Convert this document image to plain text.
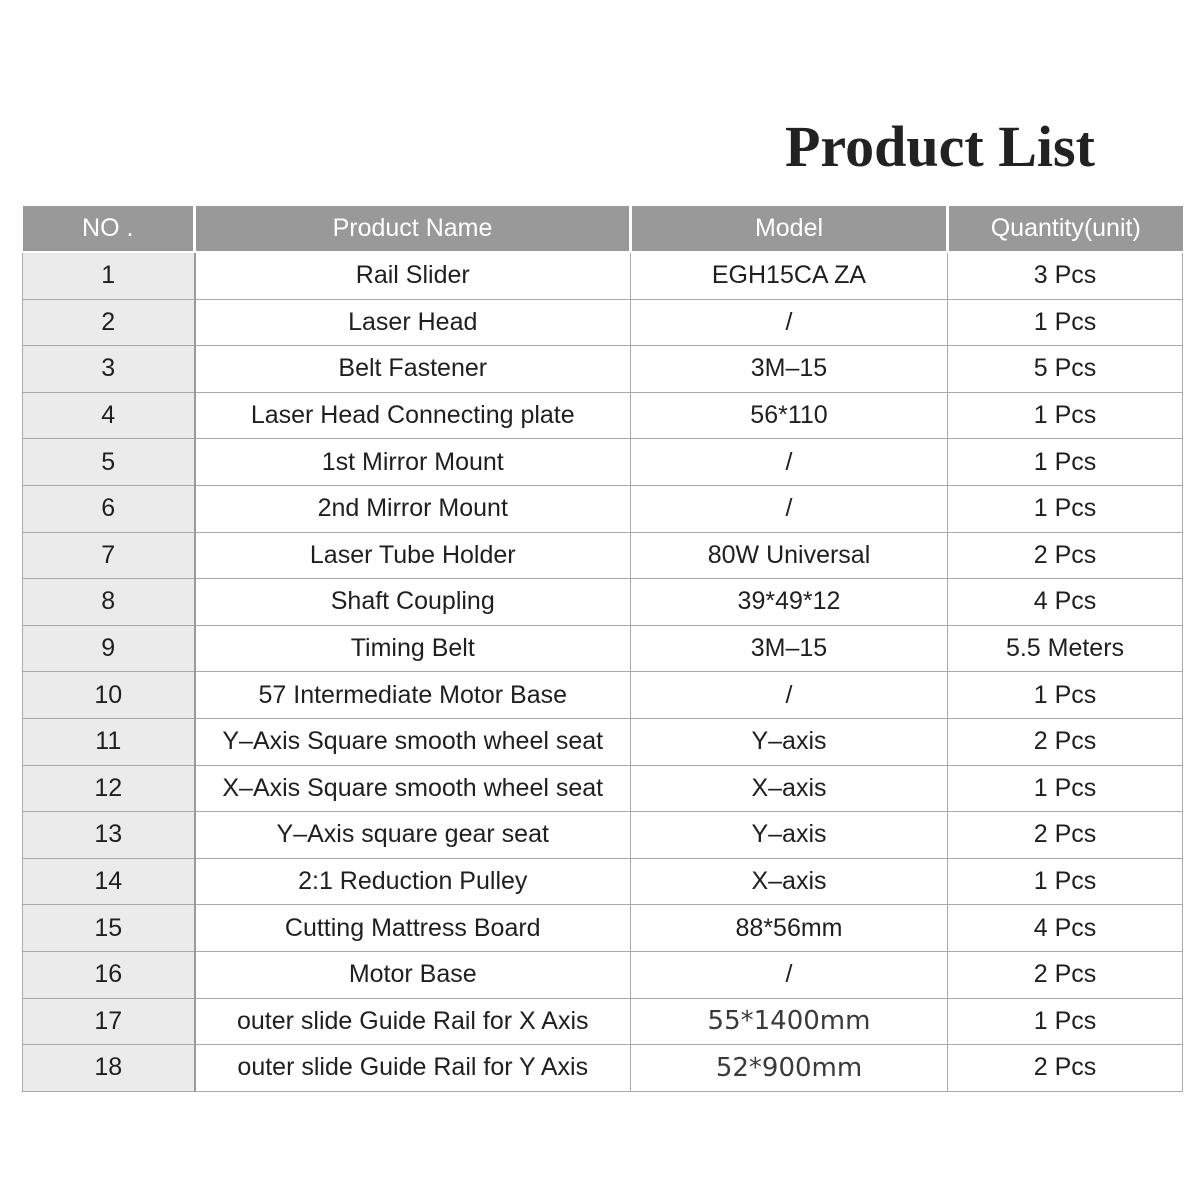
Product List
NO .	Product Name	Model	Quantity(unit)
1	Rail Slider	EGH15CA ZA	3 Pcs
2	Laser Head	/	1 Pcs
3	Belt Fastener	3M–15	5 Pcs
4	Laser Head Connecting plate	56*110	1 Pcs
5	1st Mirror Mount	/	1 Pcs
6	2nd Mirror Mount	/	1 Pcs
7	Laser Tube Holder	80W Universal	2 Pcs
8	Shaft Coupling	39*49*12	4 Pcs
9	Timing Belt	3M–15	5.5 Meters
10	57 Intermediate Motor Base	/	1 Pcs
11	Y–Axis Square smooth wheel seat	Y–axis	2 Pcs
12	X–Axis Square smooth wheel seat	X–axis	1 Pcs
13	Y–Axis square gear seat	Y–axis	2 Pcs
14	2:1 Reduction Pulley	X–axis	1 Pcs
15	Cutting Mattress Board	88*56mm	4 Pcs
16	Motor Base	/	2 Pcs
17	outer slide Guide Rail for X Axis	55*1400mm	1 Pcs
18	outer slide Guide Rail for Y Axis	52*900mm	2 Pcs
